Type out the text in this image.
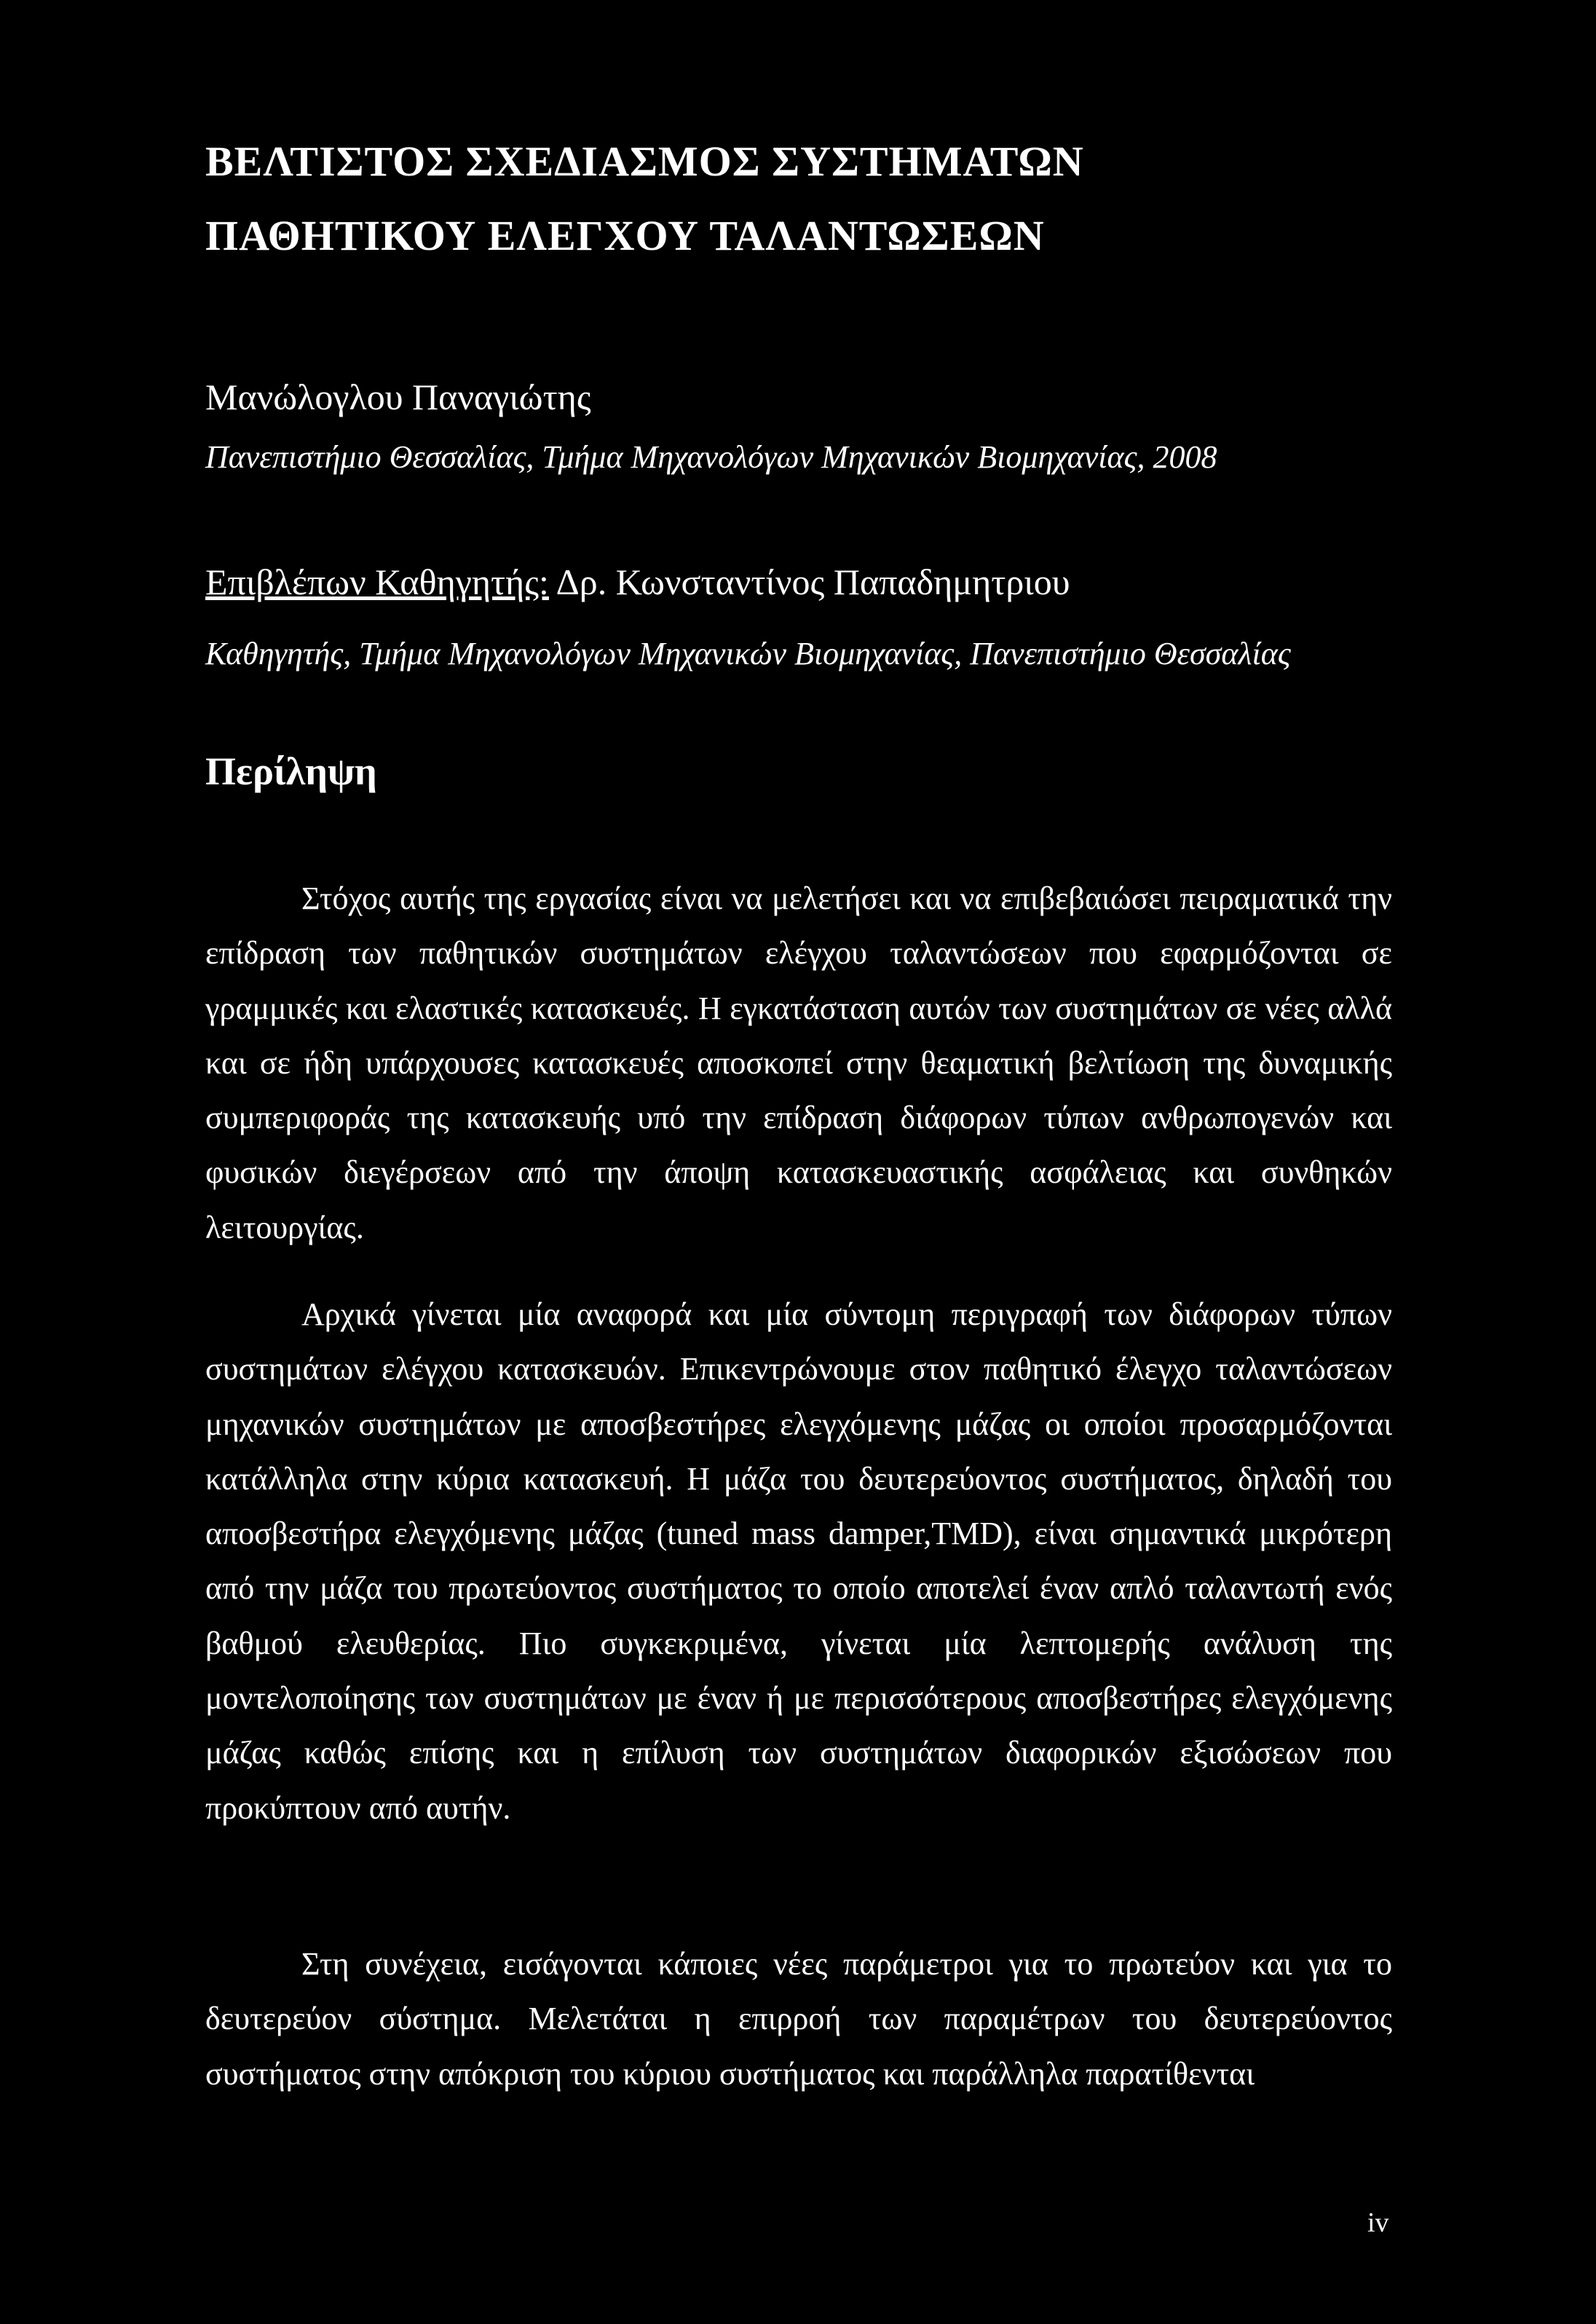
ΒΕΛΤΙΣΤΟΣ ΣΧΕΔΙΑΣΜΟΣ ΣΥΣΤΗΜΑΤΩΝ
ΠΑΘΗΤΙΚΟΥ ΕΛΕΓΧΟΥ ΤΑΛΑΝΤΩΣΕΩΝ
Μανώλογλου Παναγιώτης
Πανεπιστήμιο Θεσσαλίας, Τμήμα Μηχανολόγων Μηχανικών Βιομηχανίας, 2008
Επιβλέπων Καθηγητής: Δρ. Κωνσταντίνος Παπαδημητριου
Καθηγητής, Τμήμα Μηχανολόγων Μηχανικών Βιομηχανίας, Πανεπιστήμιο Θεσσαλίας
Περίληψη
Στόχος αυτής της εργασίας είναι να μελετήσει και να επιβεβαιώσει πειραματικά την επίδραση των παθητικών συστημάτων ελέγχου ταλαντώσεων που εφαρμόζονται σε γραμμικές και ελαστικές κατασκευές. Η εγκατάσταση αυτών των συστημάτων σε νέες αλλά και σε ήδη υπάρχουσες κατασκευές αποσκοπεί στην θεαματική βελτίωση της δυναμικής συμπεριφοράς της κατασκευής υπό την επίδραση διάφορων τύπων ανθρωπογενών και φυσικών διεγέρσεων από την άποψη κατασκευαστικής ασφάλειας και συνθηκών λειτουργίας.
Αρχικά γίνεται μία αναφορά και μία σύντομη περιγραφή των διάφορων τύπων συστημάτων ελέγχου κατασκευών. Επικεντρώνουμε στον παθητικό έλεγχο ταλαντώσεων μηχανικών συστημάτων με αποσβεστήρες ελεγχόμενης μάζας οι οποίοι προσαρμόζονται κατάλληλα στην κύρια κατασκευή. Η μάζα του δευτερεύοντος συστήματος, δηλαδή του αποσβεστήρα ελεγχόμενης μάζας (tuned mass damper,TMD), είναι σημαντικά μικρότερη από την μάζα του πρωτεύοντος συστήματος το οποίο αποτελεί έναν απλό ταλαντωτή ενός βαθμού ελευθερίας. Πιο συγκεκριμένα, γίνεται μία λεπτομερής ανάλυση της μοντελοποίησης των συστημάτων με έναν ή με περισσότερους αποσβεστήρες ελεγχόμενης μάζας καθώς επίσης και η επίλυση των συστημάτων διαφορικών εξισώσεων που προκύπτουν από αυτήν.
Στη συνέχεια, εισάγονται κάποιες νέες παράμετροι για το πρωτεύον και για το δευτερεύον σύστημα. Μελετάται η επιρροή των παραμέτρων του δευτερεύοντος συστήματος στην απόκριση του κύριου συστήματος και παράλληλα παρατίθενται
iv
